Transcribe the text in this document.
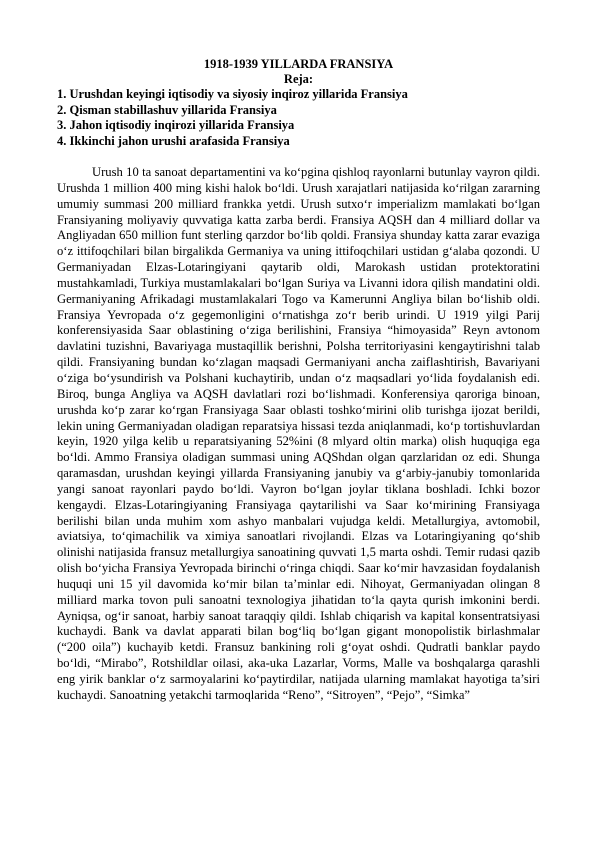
1918-1939 YILLARDA FRANSIYA
Reja:
1. Urushdan keyingi iqtisodiy va siyosiy inqiroz yillarida Fransiya
2. Qisman stabillashuv yillarida Fransiya
3. Jahon iqtisodiy inqirozi yillarida Fransiya
4. Ikkinchi jahon urushi arafasida Fransiya

Urush 10 ta sanoat departamentini va ko‘pgina qishloq rayonlarni butunlay vayron qildi. Urushda 1 million 400 ming kishi halok bo‘ldi. Urush xarajatlari natijasida ko‘rilgan zararning umumiy summasi 200 milliard frankka yetdi. Urush sutxo‘r imperializm mamlakati bo‘lgan Fransiyaning moliyaviy quvvatiga katta zarba berdi. Fransiya AQSH dan 4 milliard dollar va Angliyadan 650 million funt sterling qarzdor bo‘lib qoldi. Fransiya shunday katta zarar evaziga o‘z ittifoqchilari bilan birgalikda Germaniya va uning ittifoqchilari ustidan g‘alaba qozondi. U Germaniyadan Elzas-Lotaringiyani qaytarib oldi, Marokash ustidan protektoratini mustahkamladi, Turkiya mustamlakalari bo‘lgan Suriya va Livanni idora qilish mandatini oldi. Germaniyaning Afrikadagi mustamlakalari Togo va Kamerunni Angliya bilan bo‘lishib oldi. Fransiya Yevropada o‘z gegemonligini o‘rnatishga zo‘r berib urindi. U 1919 yilgi Parij konferensiyasida Saar oblastining o‘ziga berilishini, Fransiya “himoyasida” Reyn avtonom davlatini tuzishni, Bavariyaga mustaqillik berishni, Polsha territoriyasini kengaytirishni talab qildi. Fransiyaning bundan ko‘zlagan maqsadi Germaniyani ancha zaiflashtirish, Bavariyani o‘ziga bo‘ysundirish va Polshani kuchaytirib, undan o‘z maqsadlari yo‘lida foydalanish edi. Biroq, bunga Angliya va AQSH davlatlari rozi bo‘lishmadi. Konferensiya qaroriga binoan, urushda ko‘p zarar ko‘rgan Fransiyaga Saar oblasti toshko‘mirini olib turishga ijozat berildi, lekin uning Germaniyadan oladigan reparatsiya hissasi tezda aniqlanmadi, ko‘p tortishuvlardan keyin, 1920 yilga kelib u reparatsiyaning 52%ini (8 mlyard oltin marka) olish huquqiga ega bo‘ldi. Ammo Fransiya oladigan summasi uning AQShdan olgan qarzlaridan oz edi. Shunga qaramasdan, urushdan keyingi yillarda Fransiyaning janubiy va g‘arbiy-janubiy tomonlarida yangi sanoat rayonlari paydo bo‘ldi. Vayron bo‘lgan joylar tiklana boshladi. Ichki bozor kengaydi. Elzas-Lotaringiyaning Fransiyaga qaytarilishi va Saar ko‘mirining Fransiyaga berilishi bilan unda muhim xom ashyo manbalari vujudga keldi. Metallurgiya, avtomobil, aviatsiya, to‘qimachilik va ximiya sanoatlari rivojlandi. Elzas va Lotaringiyaning qo‘shib olinishi natijasida fransuz metallurgiya sanoatining quvvati 1,5 marta oshdi. Temir rudasi qazib olish bo‘yicha Fransiya Yevropada birinchi o‘ringa chiqdi. Saar ko‘mir havzasidan foydalanish huquqi uni 15 yil davomida ko‘mir bilan ta’minlar edi. Nihoyat, Germaniyadan olingan 8 milliard marka tovon puli sanoatni texnologiya jihatidan to‘la qayta qurish imkonini berdi. Ayniqsa, og‘ir sanoat, harbiy sanoat taraqqiy qildi. Ishlab chiqarish va kapital konsentratsiyasi kuchaydi. Bank va davlat apparati bilan bog‘liq bo‘lgan gigant monopolistik birlashmalar (“200 oila”) kuchayib ketdi. Fransuz bankining roli g‘oyat oshdi. Qudratli banklar paydo bo‘ldi, “Mirabo”, Rotshildlar oilasi, aka-uka Lazarlar, Vorms, Malle va boshqalarga qarashli eng yirik banklar o‘z sarmoyalarini ko‘paytirdilar, natijada ularning mamlakat hayotiga ta’siri kuchaydi. Sanoatning yetakchi tarmoqlarida “Reno”, “Sitroyen”, “Pejo”, “Simka”
